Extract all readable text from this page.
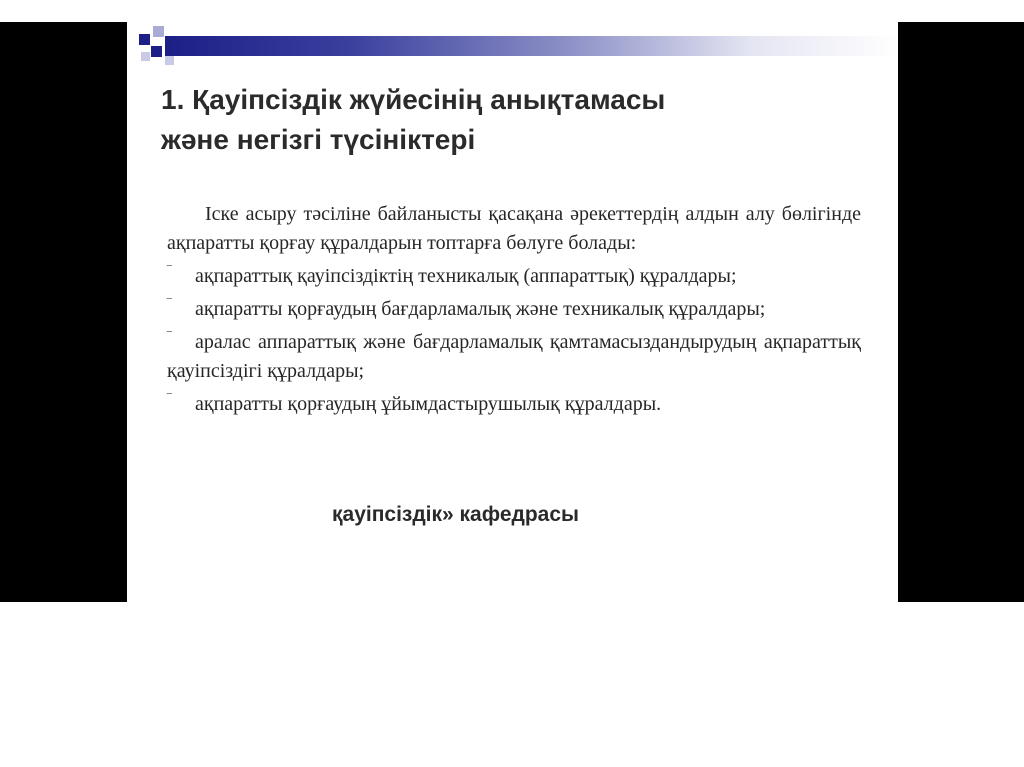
1. Қауіпсіздік жүйесінің анықтамасы
және негізгі түсініктері

Іске асыру тәсіліне байланысты қасақана әрекеттердің алдын алу бөлігінде ақпаратты қорғау құралдарын топтарға бөлуге болады:

‾ ақпараттық қауіпсіздіктің техникалық (аппараттық) құралдары;
‾ ақпаратты қорғаудың бағдарламалық және техникалық құралдары;
‾ аралас аппараттық және бағдарламалық қамтамасыздандырудың ақпараттық қауіпсіздігі құралдары;
‾ ақпаратты қорғаудың ұйымдастырушылық құралдары.
қауіпсіздік» кафедрасы
